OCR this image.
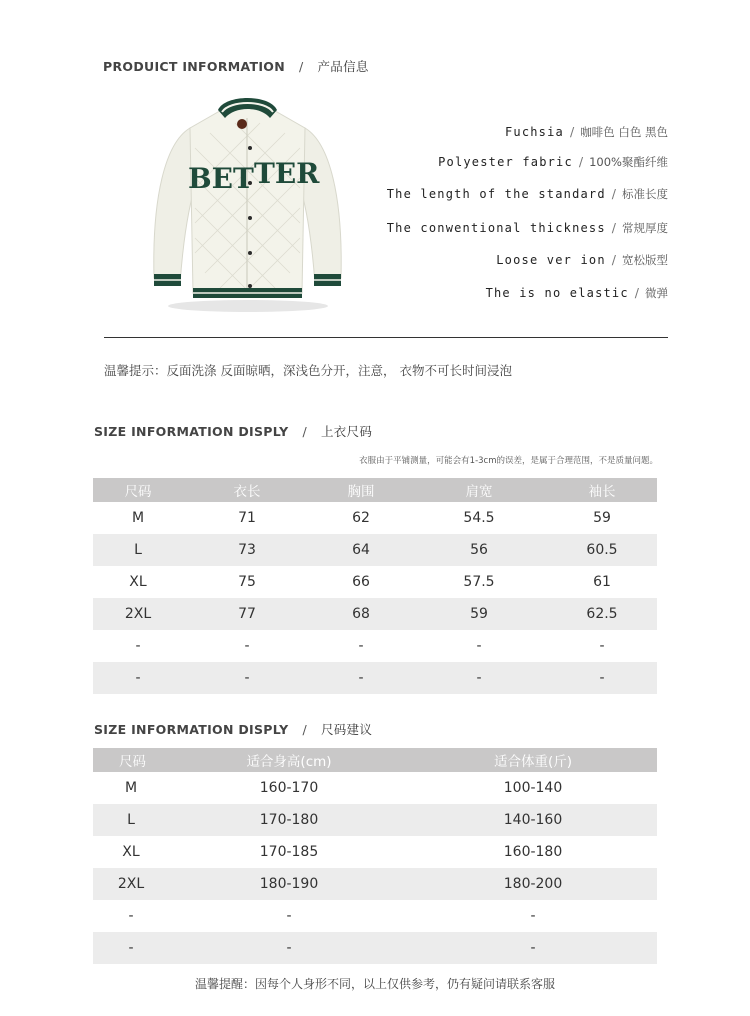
PRODUICT INFORMATION / 产品信息
BET TER
Fuchsia / 咖啡色 白色 黑色
Polyester fabric / 100%聚酯纤维
The length of the standard / 标准长度
The conwentional thickness / 常规厚度
Loose ver ion / 宽松版型
The is no elastic / 微弹
温馨提示：反面洗涤 反面晾晒，深浅色分开，注意， 衣物不可长时间浸泡
SIZE INFORMATION DISPLY / 上衣尺码
衣服由于平铺测量，可能会有1-3cm的误差，是属于合理范围，不是质量问题。
尺码	衣长	胸围	肩宽	袖长
M	71	62	54.5	59
L	73	64	56	60.5
XL	75	66	57.5	61
2XL	77	68	59	62.5
-	-	-	-	-
-	-	-	-	-
SIZE INFORMATION DISPLY / 尺码建议
尺码	适合身高(cm)	适合体重(斤)
M	160-170	100-140
L	170-180	140-160
XL	170-185	160-180
2XL	180-190	180-200
-	-	-
-	-	-
温馨提醒：因每个人身形不同，以上仅供参考，仍有疑问请联系客服
